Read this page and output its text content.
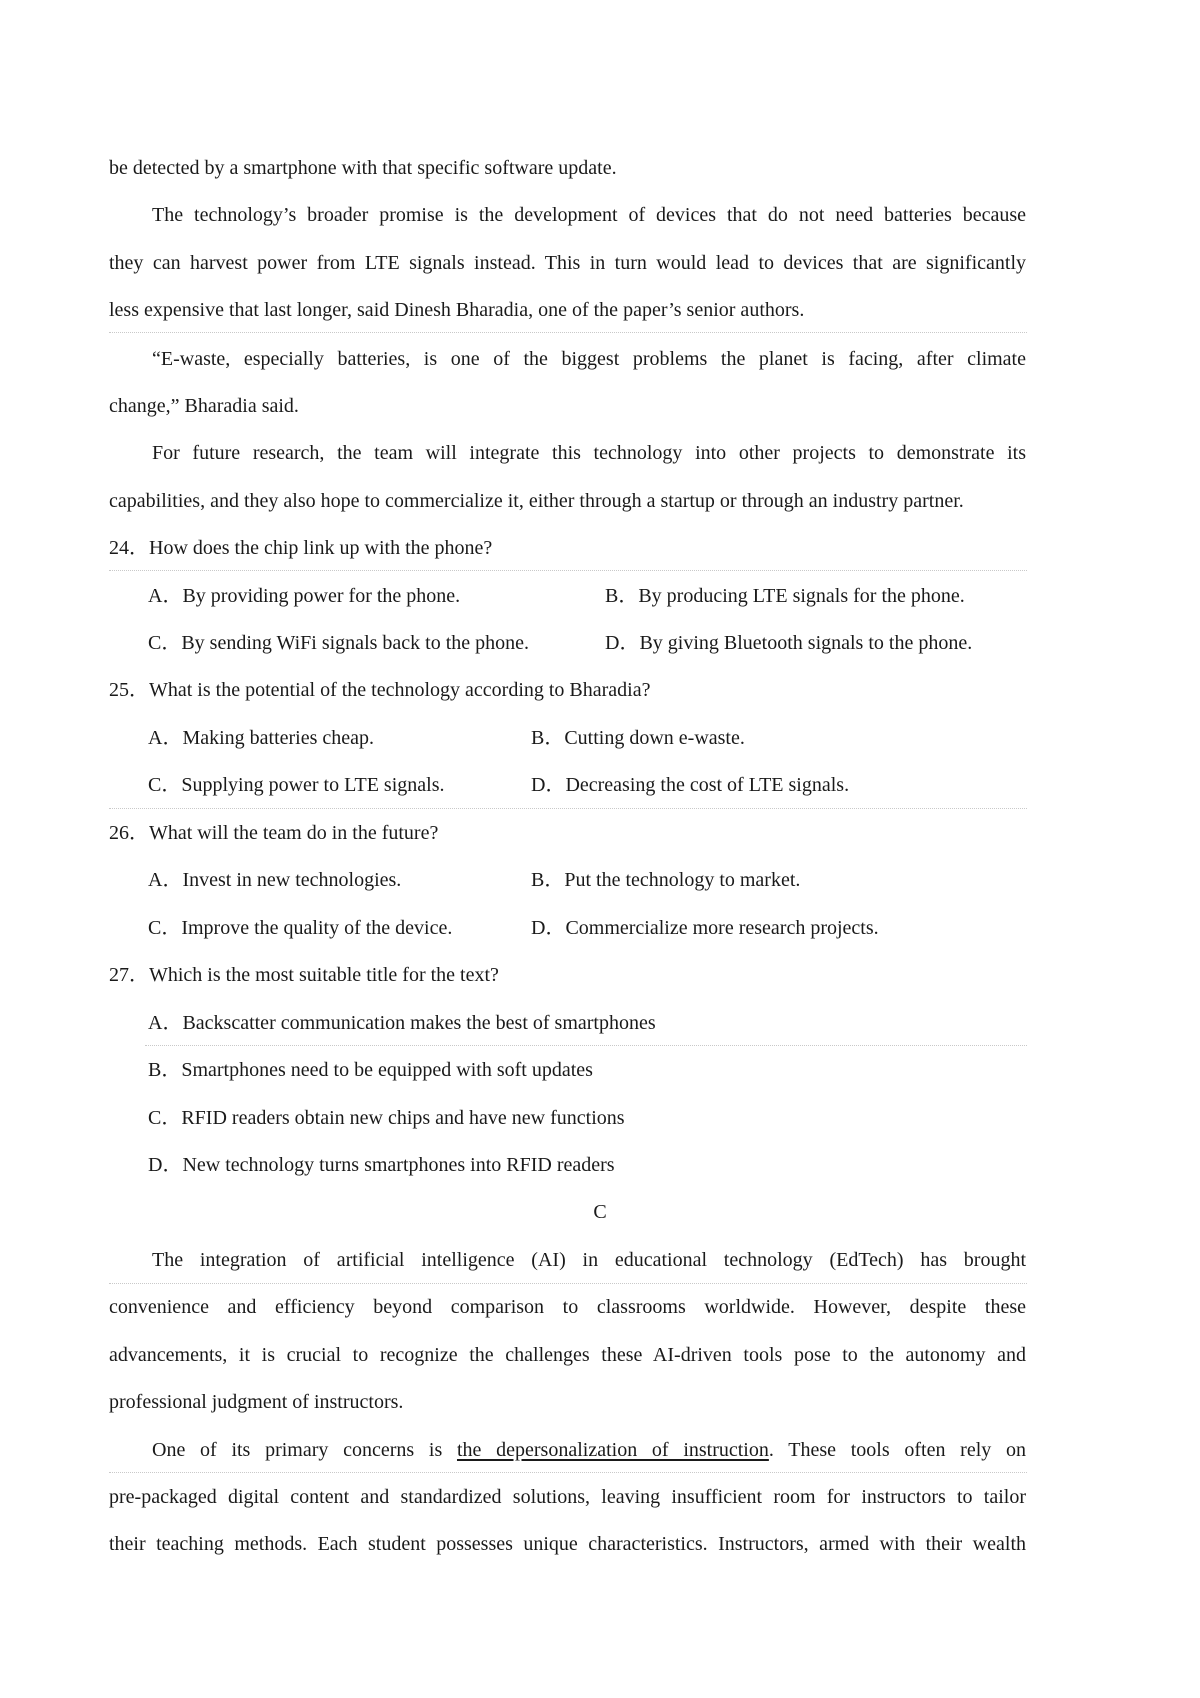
be detected by a smartphone with that specific software update.
The technology’s broader promise is the development of devices that do not need batteries because
they can harvest power from LTE signals instead. This in turn would lead to devices that are significantly
less expensive that last longer, said Dinesh Bharadia, one of the paper’s senior authors.
“E-waste, especially batteries, is one of the biggest problems the planet is facing, after climate
change,” Bharadia said.
For future research, the team will integrate this technology into other projects to demonstrate its
capabilities, and they also hope to commercialize it, either through a startup or through an industry partner.
24．How does the chip link up with the phone?
A．By providing power for the phone.	B．By producing LTE signals for the phone.
C．By sending WiFi signals back to the phone.	D．By giving Bluetooth signals to the phone.
25．What is the potential of the technology according to Bharadia?
A．Making batteries cheap.	B．Cutting down e-waste.
C．Supplying power to LTE signals.	D．Decreasing the cost of LTE signals.
26．What will the team do in the future?
A．Invest in new technologies.	B．Put the technology to market.
C．Improve the quality of the device.	D．Commercialize more research projects.
27．Which is the most suitable title for the text?
A．Backscatter communication makes the best of smartphones
B．Smartphones need to be equipped with soft updates
C．RFID readers obtain new chips and have new functions
D．New technology turns smartphones into RFID readers
C
The integration of artificial intelligence (AI) in educational technology (EdTech) has brought
convenience and efficiency beyond comparison to classrooms worldwide. However, despite these
advancements, it is crucial to recognize the challenges these AI-driven tools pose to the autonomy and
professional judgment of instructors.
One of its primary concerns is the depersonalization of instruction. These tools often rely on
pre-packaged digital content and standardized solutions, leaving insufficient room for instructors to tailor
their teaching methods. Each student possesses unique characteristics. Instructors, armed with their wealth
